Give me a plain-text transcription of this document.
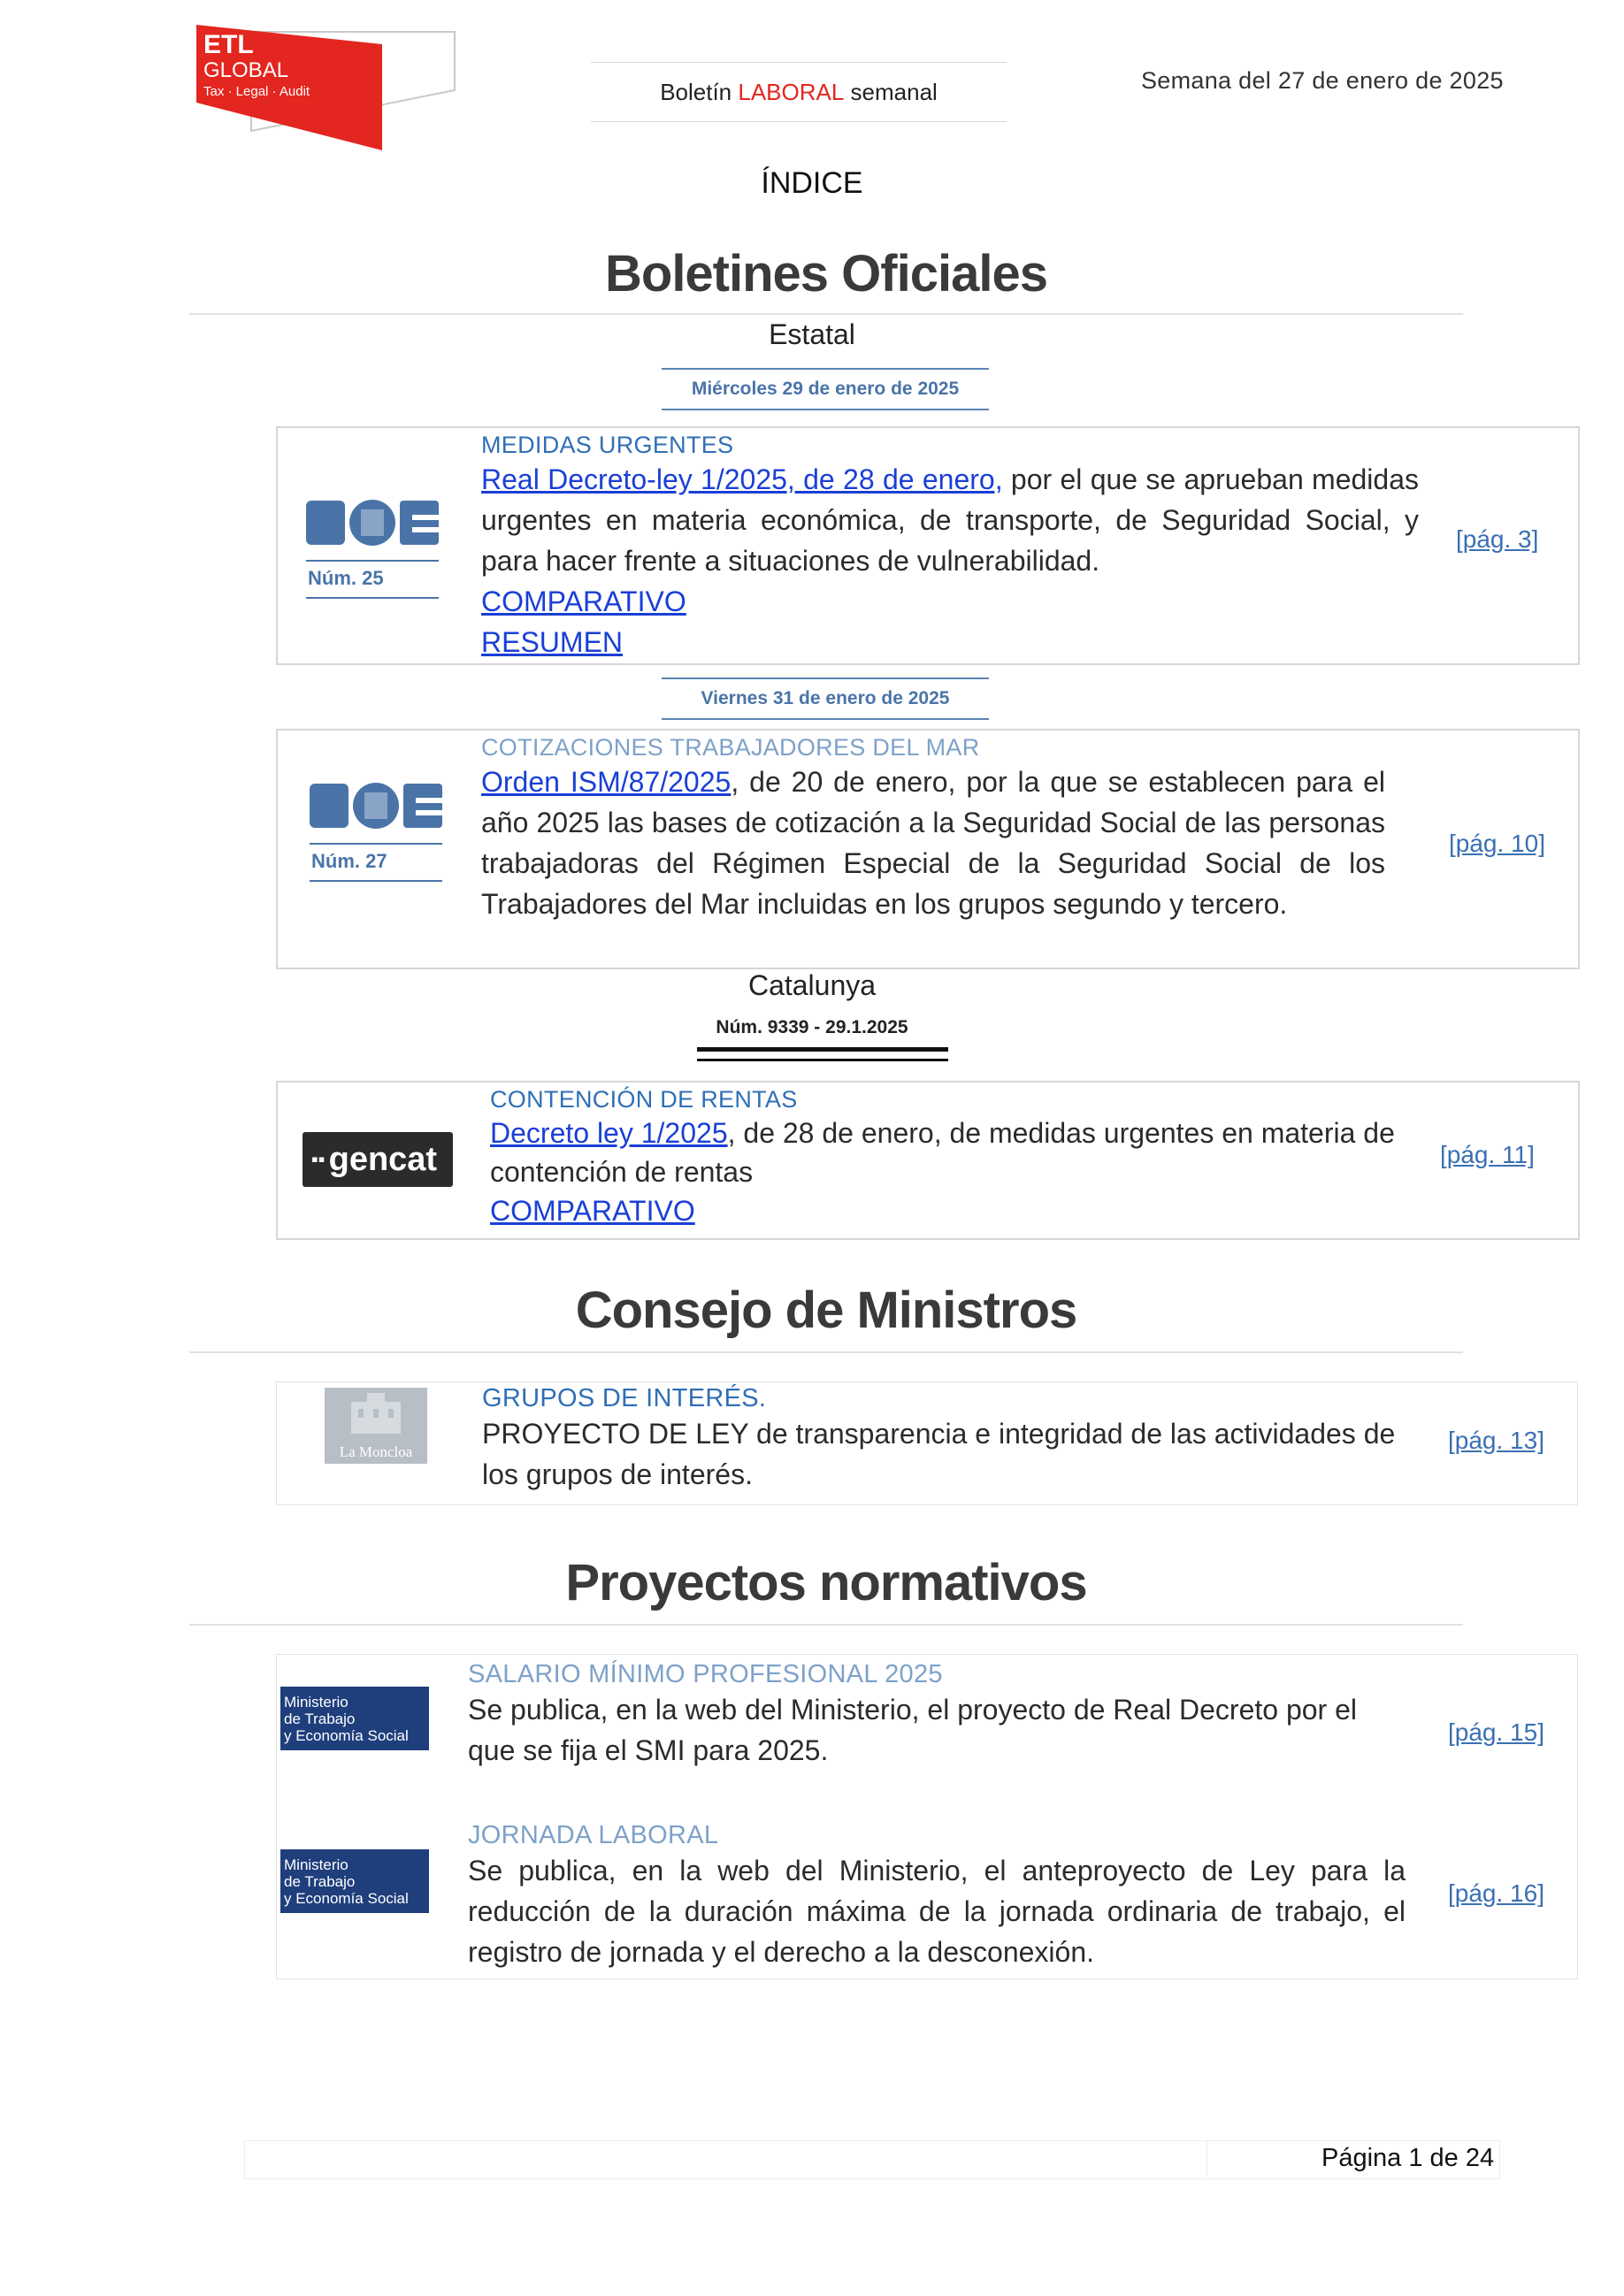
ETL
GLOBAL
Tax · Legal · Audit	Boletín LABORAL semanal	Semana del 27 de enero de 2025
ÍNDICE
Boletines Oficiales
Estatal
Miércoles 29 de enero de 2025
Núm. 25
MEDIDAS URGENTES
Real Decreto-ley 1/2025, de 28 de enero, por el que se aprueban medidas urgentes en materia económica, de transporte, de Seguridad Social, y para hacer frente a situaciones de vulnerabilidad.
COMPARATIVO
RESUMEN
[pág. 3]
Viernes 31 de enero de 2025
Núm. 27
COTIZACIONES TRABAJADORES DEL MAR
Orden ISM/87/2025, de 20 de enero, por la que se establecen para el año 2025 las bases de cotización a la Seguridad Social de las personas trabajadoras del Régimen Especial de la Seguridad Social de los Trabajadores del Mar incluidas en los grupos segundo y tercero.
[pág. 10]
Catalunya
Núm. 9339 - 29.1.2025
▪▪ gencat
CONTENCIÓN DE RENTAS
Decreto ley 1/2025, de 28 de enero, de medidas urgentes en materia de contención de rentas
COMPARATIVO
[pág. 11]
Consejo de Ministros
La Moncloa
GRUPOS DE INTERÉS.
PROYECTO DE LEY de transparencia e integridad de las actividades de los grupos de interés.
[pág. 13]
Proyectos normativos
Ministerio
de Trabajo
y Economía Social
SALARIO MÍNIMO PROFESIONAL 2025
Se publica, en la web del Ministerio, el proyecto de Real Decreto por el que se fija el SMI para 2025.
[pág. 15]
Ministerio
de Trabajo
y Economía Social
JORNADA LABORAL
Se publica, en la web del Ministerio, el anteproyecto de Ley para la reducción de la duración máxima de la jornada ordinaria de trabajo, el registro de jornada y el derecho a la desconexión.
[pág. 16]
Página 1 de 24
